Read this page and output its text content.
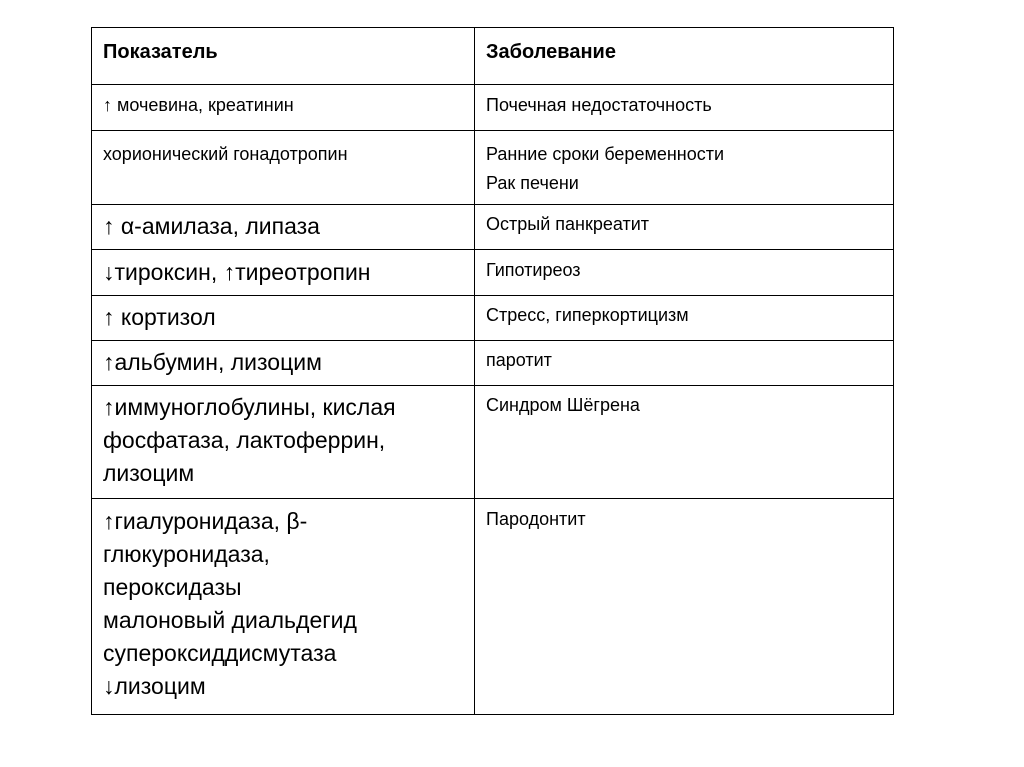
Показатель	Заболевание

↑ мочевина, креатинин	Почечная недостаточность

хорионический гонадотропин	Ранние сроки беременности
Рак печени

↑ α-амилаза, липаза	Острый панкреатит

↓тироксин, ↑тиреотропин	Гипотиреоз

↑ кортизол	Стресс, гиперкортицизм

↑альбумин, лизоцим	паротит

↑иммуноглобулины, кислая фосфатаза, лактоферрин, лизоцим	Синдром Шёгрена

↑гиалуронидаза, β-глюкуронидаза,
пероксидазы
малоновый диальдегид
супероксиддисмутаза
↓лизоцим	Пародонтит
